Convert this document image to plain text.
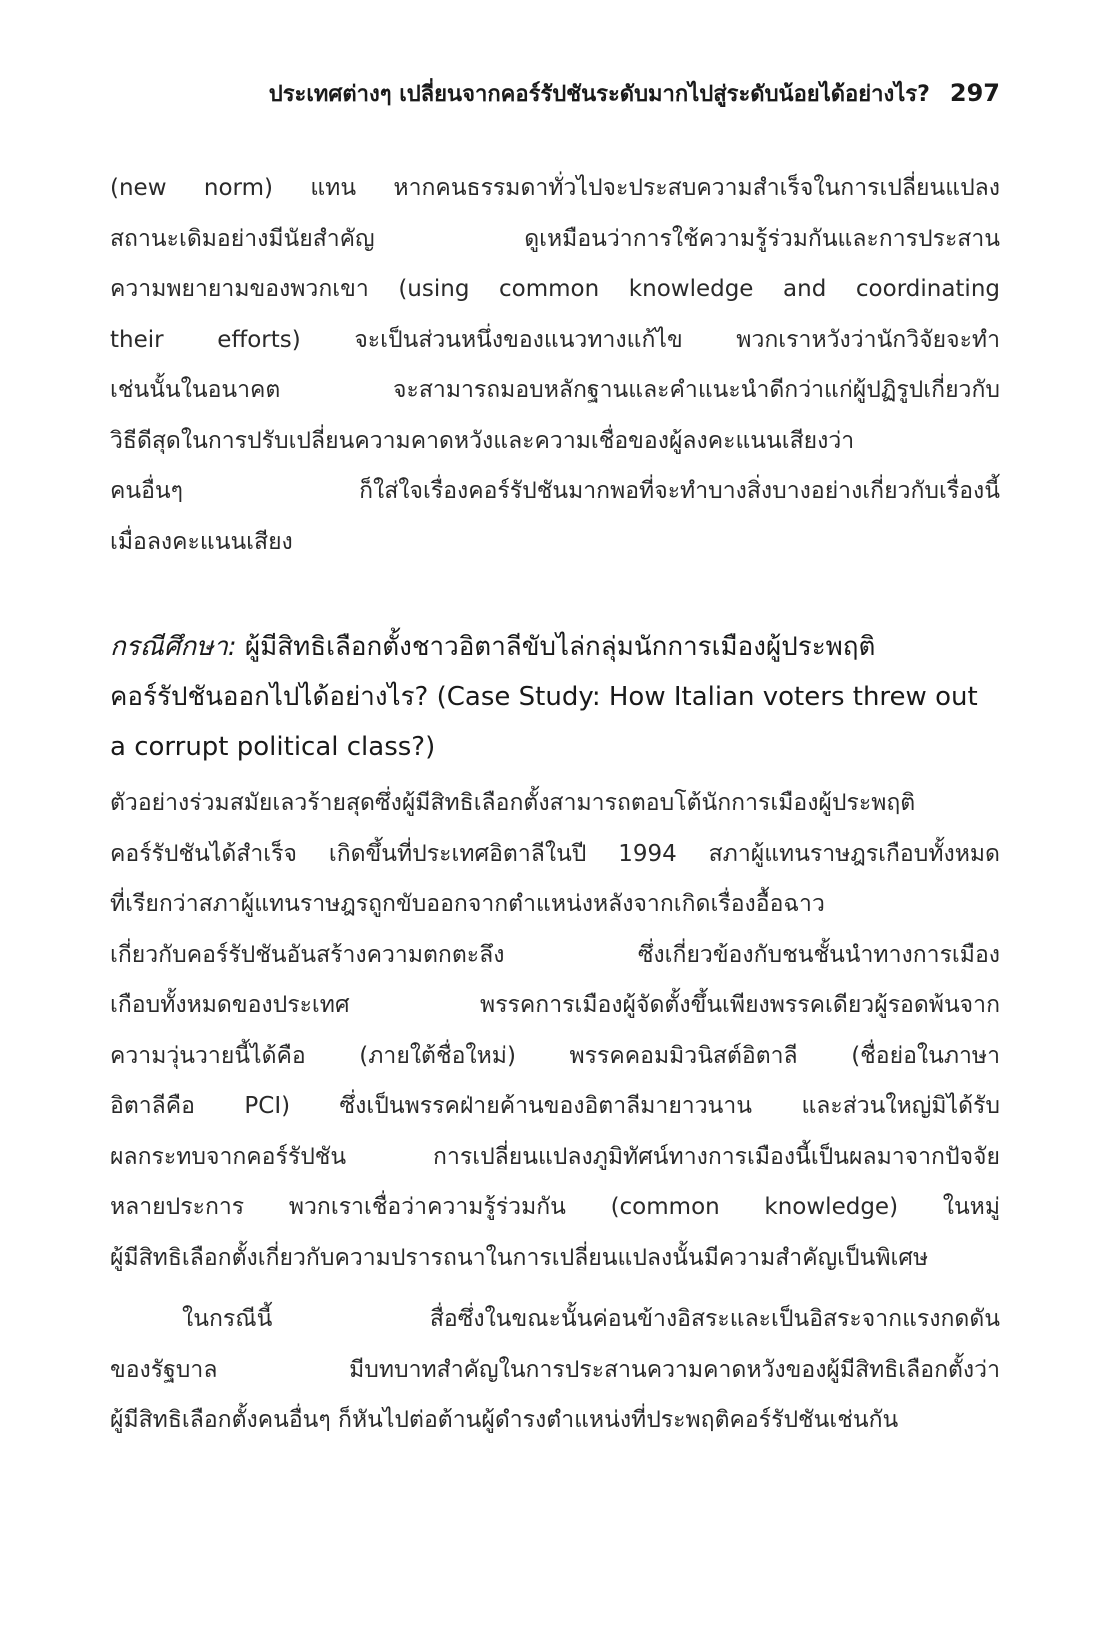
ประเทศต่างๆ เปลี่ยนจากคอร์รัปชันระดับมากไปสู่ระดับน้อยได้อย่างไร? 297
(new norm) แทน หากคนธรรมดาทั่วไปจะประสบความสำเร็จในการเปลี่ยนแปลง
สถานะเดิมอย่างมีนัยสำคัญ ดูเหมือนว่าการใช้ความรู้ร่วมกันและการประสาน
ความพยายามของพวกเขา (using common knowledge and coordinating
their efforts) จะเป็นส่วนหนึ่งของแนวทางแก้ไข พวกเราหวังว่านักวิจัยจะทำ
เช่นนั้นในอนาคต จะสามารถมอบหลักฐานและคำแนะนำดีกว่าแก่ผู้ปฏิรูปเกี่ยวกับ
วิธีดีสุดในการปรับเปลี่ยนความคาดหวังและความเชื่อของผู้ลงคะแนนเสียงว่า
คนอื่นๆ ก็ใส่ใจเรื่องคอร์รัปชันมากพอที่จะทำบางสิ่งบางอย่างเกี่ยวกับเรื่องนี้
เมื่อลงคะแนนเสียง
กรณีศึกษา: ผู้มีสิทธิเลือกตั้งชาวอิตาลีขับไล่กลุ่มนักการเมืองผู้ประพฤติ
คอร์รัปชันออกไปได้อย่างไร? (Case Study: How Italian voters threw out
a corrupt political class?)
ตัวอย่างร่วมสมัยเลวร้ายสุดซึ่งผู้มีสิทธิเลือกตั้งสามารถตอบโต้นักการเมืองผู้ประพฤติ
คอร์รัปชันได้สำเร็จ เกิดขึ้นที่ประเทศอิตาลีในปี 1994 สภาผู้แทนราษฎรเกือบทั้งหมด
ที่เรียกว่าสภาผู้แทนราษฎรถูกขับออกจากตำแหน่งหลังจากเกิดเรื่องอื้อฉาว
เกี่ยวกับคอร์รัปชันอันสร้างความตกตะลึง ซึ่งเกี่ยวข้องกับชนชั้นนำทางการเมือง
เกือบทั้งหมดของประเทศ พรรคการเมืองผู้จัดตั้งขึ้นเพียงพรรคเดียวผู้รอดพ้นจาก
ความวุ่นวายนี้ได้คือ (ภายใต้ชื่อใหม่) พรรคคอมมิวนิสต์อิตาลี (ชื่อย่อในภาษา
อิตาลีคือ PCI) ซึ่งเป็นพรรคฝ่ายค้านของอิตาลีมายาวนาน และส่วนใหญ่มิได้รับ
ผลกระทบจากคอร์รัปชัน การเปลี่ยนแปลงภูมิทัศน์ทางการเมืองนี้เป็นผลมาจากปัจจัย
หลายประการ พวกเราเชื่อว่าความรู้ร่วมกัน (common knowledge) ในหมู่
ผู้มีสิทธิเลือกตั้งเกี่ยวกับความปรารถนาในการเปลี่ยนแปลงนั้นมีความสำคัญเป็นพิเศษ
ในกรณีนี้ สื่อซึ่งในขณะนั้นค่อนข้างอิสระและเป็นอิสระจากแรงกดดัน
ของรัฐบาล มีบทบาทสำคัญในการประสานความคาดหวังของผู้มีสิทธิเลือกตั้งว่า
ผู้มีสิทธิเลือกตั้งคนอื่นๆ ก็หันไปต่อต้านผู้ดำรงตำแหน่งที่ประพฤติคอร์รัปชันเช่นกัน
